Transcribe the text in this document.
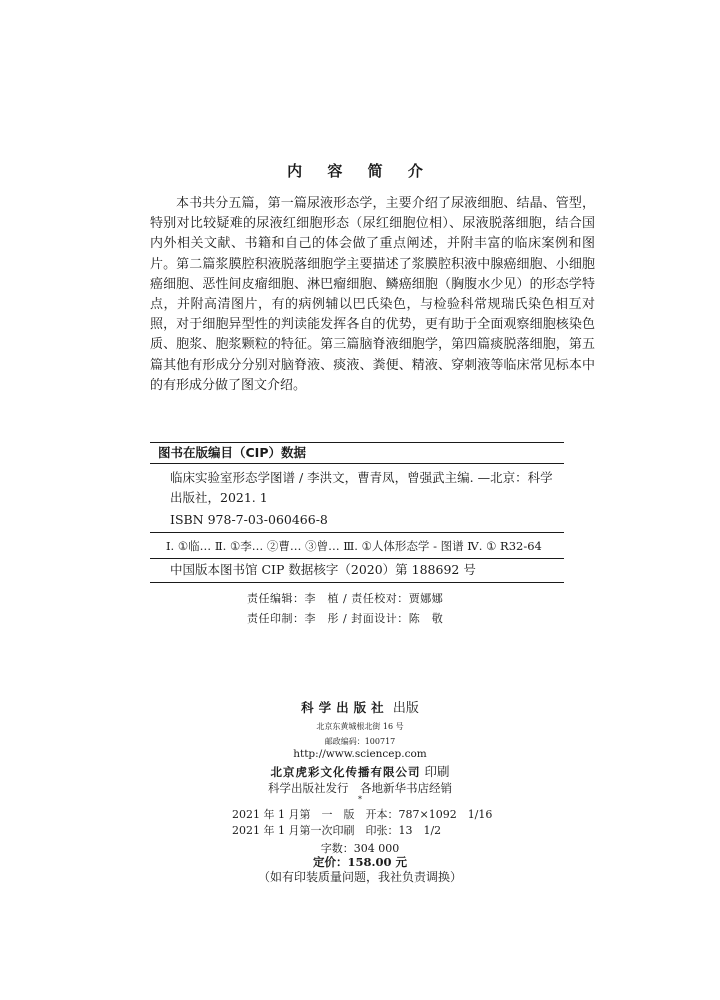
内 容 简 介

本书共分五篇，第一篇尿液形态学，主要介绍了尿液细胞、结晶、管型，特别对比较疑难的尿液红细胞形态（尿红细胞位相）、尿液脱落细胞，结合国内外相关文献、书籍和自己的体会做了重点阐述，并附丰富的临床案例和图片。第二篇浆膜腔积液脱落细胞学主要描述了浆膜腔积液中腺癌细胞、小细胞癌细胞、恶性间皮瘤细胞、淋巴瘤细胞、鳞癌细胞（胸腹水少见）的形态学特点，并附高清图片，有的病例辅以巴氏染色，与检验科常规瑞氏染色相互对照，对于细胞异型性的判读能发挥各自的优势，更有助于全面观察细胞核染色质、胞浆、胞浆颗粒的特征。第三篇脑脊液细胞学，第四篇痰脱落细胞，第五篇其他有形成分分别对脑脊液、痰液、粪便、精液、穿刺液等临床常见标本中的有形成分做了图文介绍。

图书在版编目（CIP）数据
临床实验室形态学图谱 / 李洪文，曹青凤，曾强武主编. —北京：科学出版社，2021. 1
ISBN 978-7-03-060466-8
Ⅰ. ①临… Ⅱ. ①李… ②曹… ③曾… Ⅲ. ①人体形态学 - 图谱 Ⅳ. ① R32-64
中国版本图书馆 CIP 数据核字（2020）第 188692 号
责任编辑：李　植 / 责任校对：贾娜娜
责任印制：李　彤 / 封面设计：陈　敬
科学出版社 出版
北京东黄城根北街 16 号
邮政编码：100717
http://www.sciencep.com
北京虎彩文化传播有限公司 印刷
科学出版社发行　各地新华书店经销
*
2021 年 1 月第　一　版　开本：787×1092　1/16
2021 年 1 月第一次印刷　印张：13　1/2
字数：304 000
定价：158.00 元
（如有印装质量问题，我社负责调换）
